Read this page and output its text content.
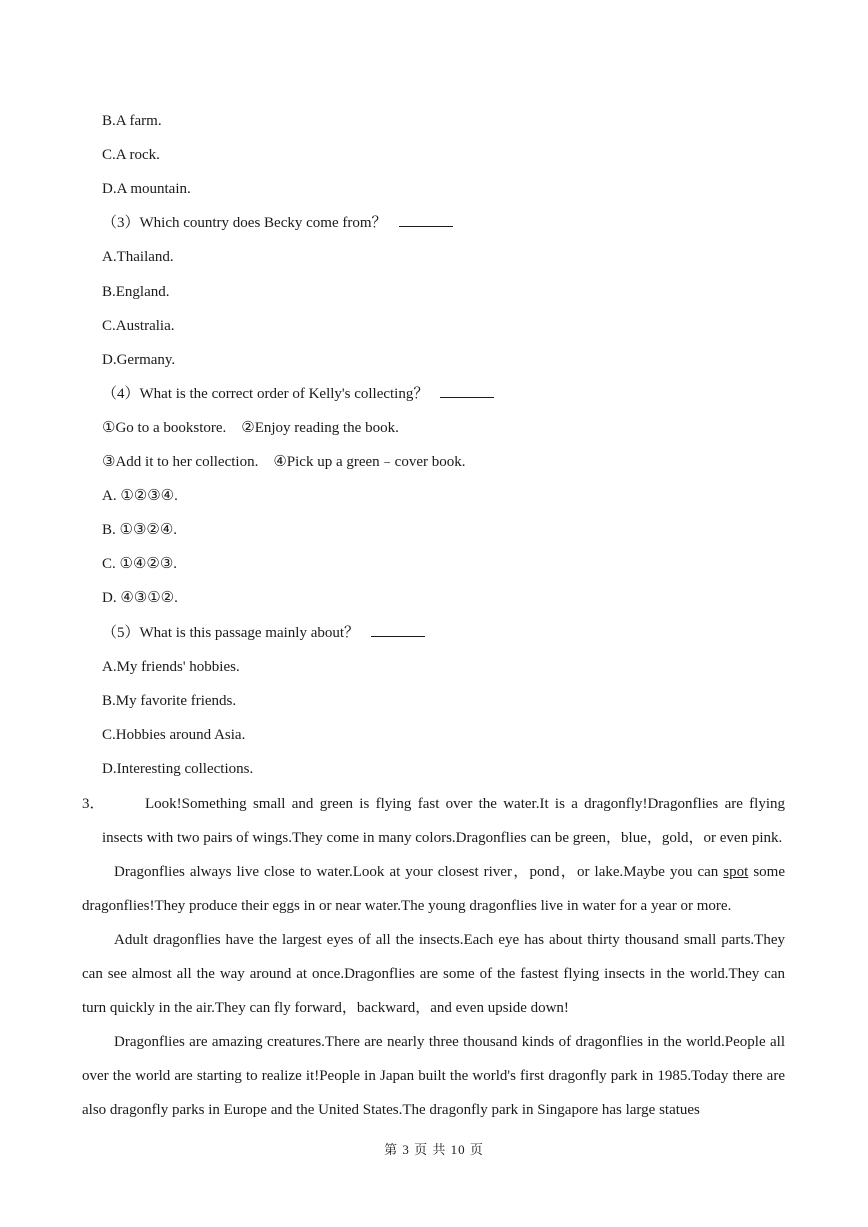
B.A farm.
C.A rock.
D.A mountain.
（3）Which country does Becky come from？
A.Thailand.
B.England.
C.Australia.
D.Germany.
（4）What is the correct order of Kelly's collecting？
①Go to a bookstore.　②Enjoy reading the book.
③Add it to her collection.　④Pick up a green﹣cover book.
A. ①②③④.
B. ①③②④.
C. ①④②③.
D. ④③①②.
（5）What is this passage mainly about？
A.My friends' hobbies.
B.My favorite friends.
C.Hobbies around Asia.
D.Interesting collections.
3．	Look!Something small and green is flying fast over the water.It is a dragonfly!Dragonflies are flying insects with two pairs of wings.They come in many colors.Dragonflies can be green，blue，gold，or even pink.
Dragonflies always live close to water.Look at your closest river，pond，or lake.Maybe you can spot some dragonflies!They produce their eggs in or near water.The young dragonflies live in water for a year or more.
Adult dragonflies have the largest eyes of all the insects.Each eye has about thirty thousand small parts.They can see almost all the way around at once.Dragonflies are some of the fastest flying insects in the world.They can turn quickly in the air.They can fly forward，backward，and even upside down!
Dragonflies are amazing creatures.There are nearly three thousand kinds of dragonflies in the world.People all over the world are starting to realize it!People in Japan built the world's first dragonfly park in 1985.Today there are also dragonfly parks in Europe and the United States.The dragonfly park in Singapore has large statues
第 3 页 共 10 页
